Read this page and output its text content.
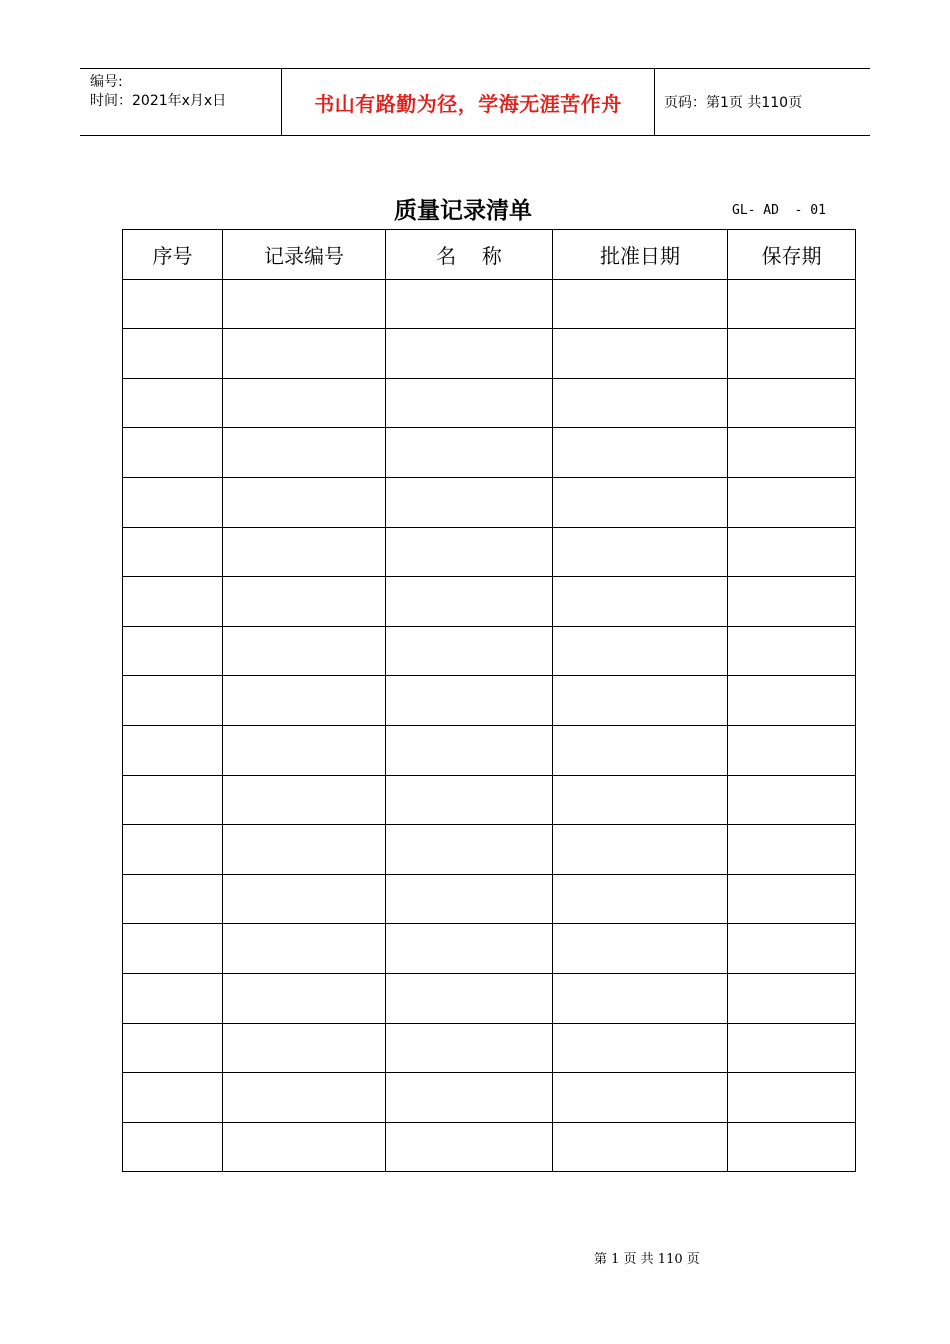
编号:
时间：2021年x月x日	书山有路勤为径，学海无涯苦作舟	页码：第1页 共110页
质量记录清单	GL- AD  - 01
序号	记录编号	名    称	批准日期	保存期

第 1 页 共 110 页
